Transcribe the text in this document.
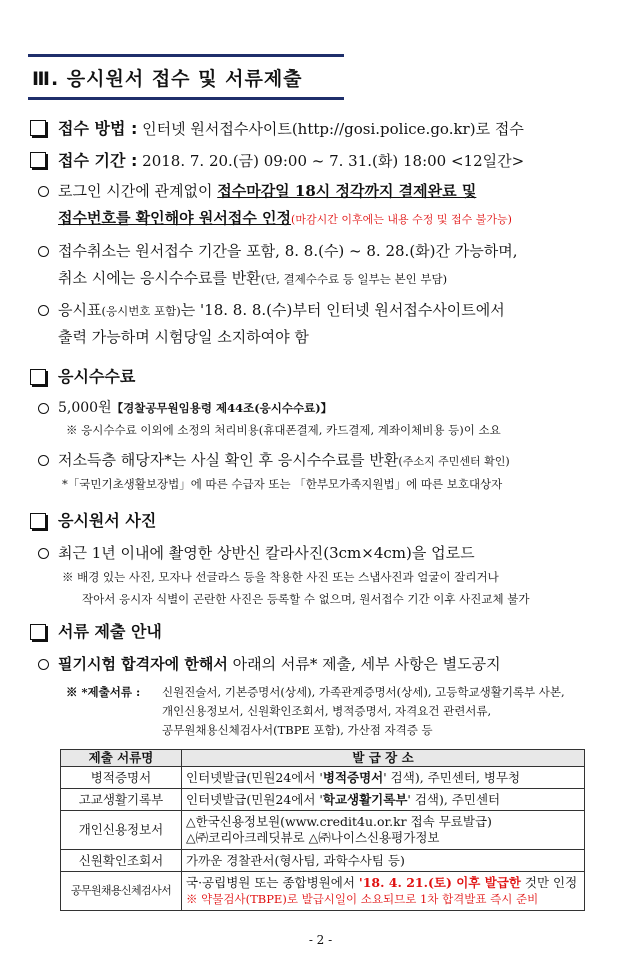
Ⅲ. 응시원서 접수 및 서류제출
접수 방법 : 인터넷 원서접수사이트(http://gosi.police.go.kr)로 접수
접수 기간 : 2018. 7. 20.(금) 09:00 ~ 7. 31.(화) 18:00 <12일간>
로그인 시간에 관계없이 접수마감일 18시 정각까지 결제완료 및
접수번호를 확인해야 원서접수 인정(마감시간 이후에는 내용 수정 및 접수 불가능)
접수취소는 원서접수 기간을 포함, 8. 8.(수) ~ 8. 28.(화)간 가능하며,
취소 시에는 응시수수료를 반환(단, 결제수수료 등 일부는 본인 부담)
응시표(응시번호 포함)는 '18. 8. 8.(수)부터 인터넷 원서접수사이트에서
출력 가능하며 시험당일 소지하여야 함
응시수수료
5,000원【경찰공무원임용령 제44조(응시수수료)】
※ 응시수수료 이외에 소정의 처리비용(휴대폰결제, 카드결제, 계좌이체비용 등)이 소요
저소득층 해당자*는 사실 확인 후 응시수수료를 반환(주소지 주민센터 확인)
*「국민기초생활보장법」에 따른 수급자 또는 「한부모가족지원법」에 따른 보호대상자
응시원서 사진
최근 1년 이내에 촬영한 상반신 칼라사진(3cm×4cm)을 업로드
※ 배경 있는 사진, 모자나 선글라스 등을 착용한 사진 또는 스냅사진과 얼굴이 잘리거나
작아서 응시자 식별이 곤란한 사진은 등록할 수 없으며, 원서접수 기간 이후 사진교체 불가
서류 제출 안내
필기시험 합격자에 한해서 아래의 서류* 제출, 세부 사항은 별도공지
※ *제출서류 : 신원진술서, 기본증명서(상세), 가족관계증명서(상세), 고등학교생활기록부 사본,
개인신용정보서, 신원확인조회서, 병적증명서, 자격요건 관련서류,
공무원채용신체검사서(TBPE 포함), 가산점 자격증 등
제출 서류명	발 급 장 소
병적증명서	인터넷발급(민원24에서 '병적증명서' 검색), 주민센터, 병무청
고교생활기록부	인터넷발급(민원24에서 '학교생활기록부' 검색), 주민센터
개인신용정보서	△한국신용정보원(www.credit4u.or.kr 접속 무료발급)
△㈜코리아크레딧뷰로 △㈜나이스신용평가정보

신원확인조회서	가까운 경찰관서(형사팀, 과학수사팀 등)
공무원채용신체검사서	국·공립병원 또는 종합병원에서 '18. 4. 21.(토) 이후 발급한 것만 인정
※ 약물검사(TBPE)로 발급시일이 소요되므로 1차 합격발표 즉시 준비
- 2 -
